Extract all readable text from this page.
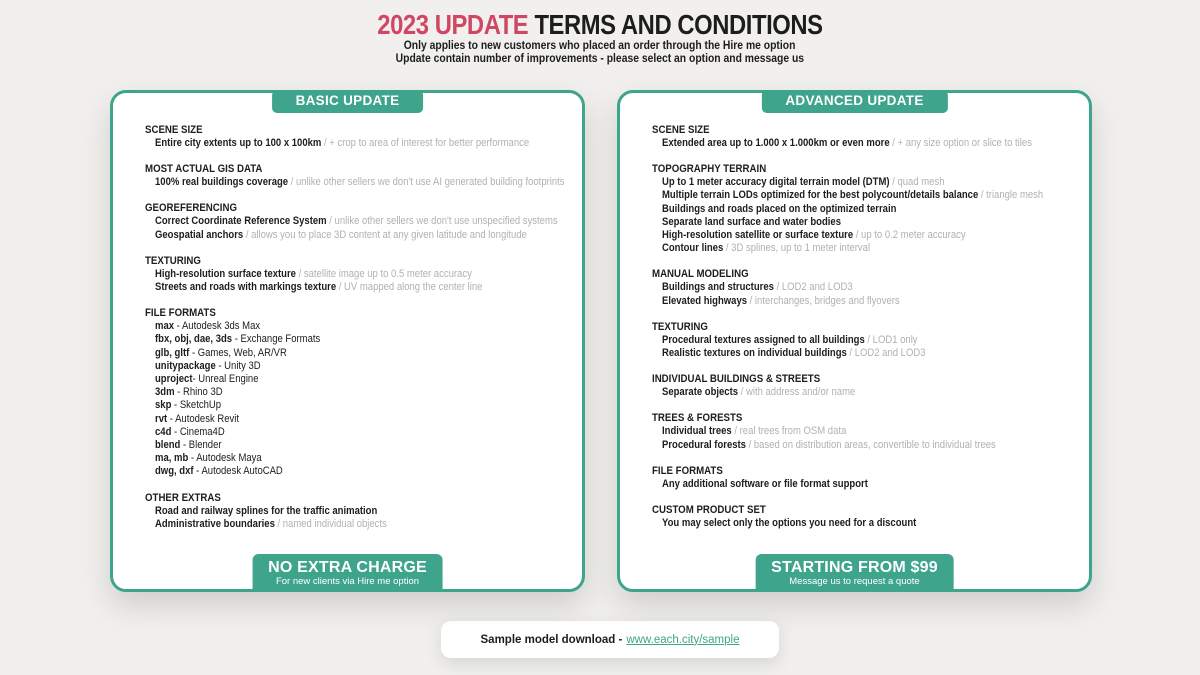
2023 UPDATE TERMS AND CONDITIONS
Only applies to new customers who placed an order through the Hire me option
Update contain number of improvements - please select an option and message us
BASIC UPDATE
SCENE SIZE
Entire city extents up to 100 x 100km / + crop to area of interest for better performance
MOST ACTUAL GIS DATA
100% real buildings coverage / unlike other sellers we don't use AI generated building footprints
GEOREFERENCING
Correct Coordinate Reference System / unlike other sellers we don't use unspecified systems
Geospatial anchors / allows you to place 3D content at any given latitude and longitude
TEXTURING
High-resolution surface texture / satellite image up to 0.5 meter accuracy
Streets and roads with markings texture / UV mapped along the center line
FILE FORMATS
max - Autodesk 3ds Max
fbx, obj, dae, 3ds - Exchange Formats
glb, gltf - Games, Web, AR/VR
unitypackage - Unity 3D
uproject- Unreal Engine
3dm - Rhino 3D
skp - SketchUp
rvt - Autodesk Revit
c4d - Cinema4D
blend - Blender
ma, mb - Autodesk Maya
dwg, dxf - Autodesk AutoCAD
OTHER EXTRAS
Road and railway splines for the traffic animation
Administrative boundaries / named individual objects
NO EXTRA CHARGE
For new clients via Hire me option
ADVANCED UPDATE
SCENE SIZE
Extended area up to 1.000 x 1.000km or even more / + any size option or slice to tiles
TOPOGRAPHY TERRAIN
Up to 1 meter accuracy digital terrain model (DTM) / quad mesh
Multiple terrain LODs optimized for the best polycount/details balance / triangle mesh
Buildings and roads placed on the optimized terrain
Separate land surface and water bodies
High-resolution satellite or surface texture / up to 0.2 meter accuracy
Contour lines / 3D splines, up to 1 meter interval
MANUAL MODELING
Buildings and structures / LOD2 and LOD3
Elevated highways / interchanges, bridges and flyovers
TEXTURING
Procedural textures assigned to all buildings / LOD1 only
Realistic textures on individual buildings / LOD2 and LOD3
INDIVIDUAL BUILDINGS & STREETS
Separate objects / with address and/or name
TREES & FORESTS
Individual trees / real trees from OSM data
Procedural forests / based on distribution areas, convertible to individual trees
FILE FORMATS
Any additional software or file format support
CUSTOM PRODUCT SET
You may select only the options you need for a discount
STARTING FROM $99
Message us to request a quote
Sample model download - www.each.city/sample
